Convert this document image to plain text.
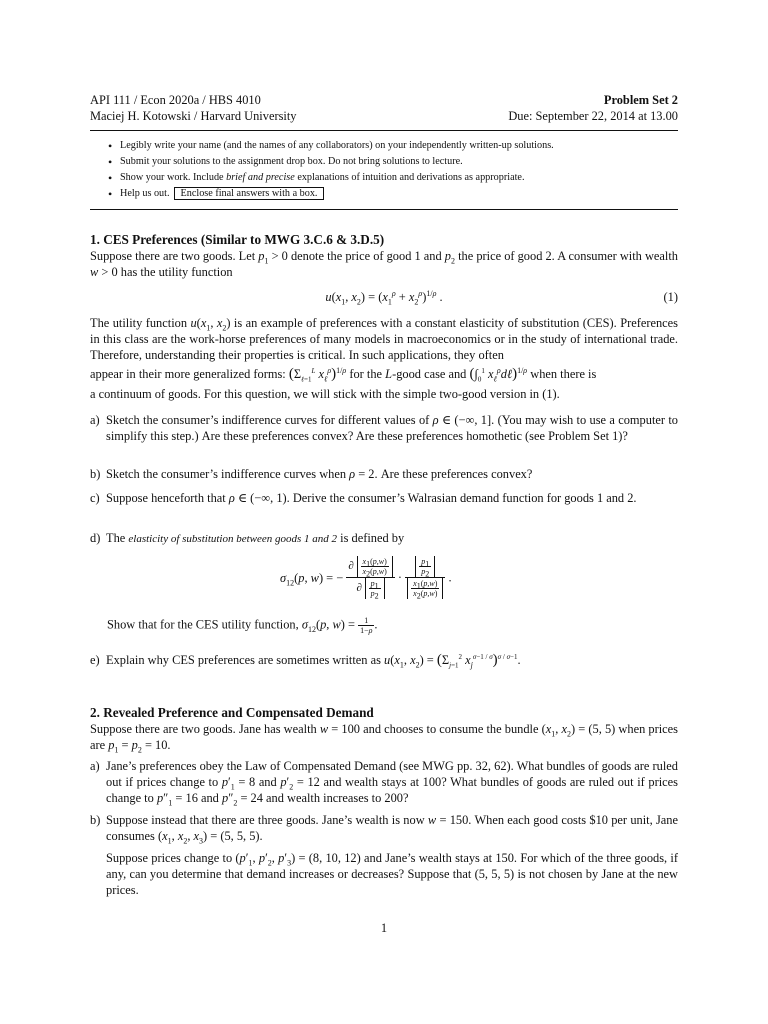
API 111 / Econ 2020a / HBS 4010	Problem Set 2
Maciej H. Kotowski / Harvard University	Due: September 22, 2014 at 13.00
• Legibly write your name (and the names of any collaborators) on your independently written-up solutions.
• Submit your solutions to the assignment drop box. Do not bring solutions to lecture.
• Show your work. Include brief and precise explanations of intuition and derivations as appropriate.
• Help us out. Enclose final answers with a box.
1. CES Preferences (Similar to MWG 3.C.6 & 3.D.5)
Suppose there are two goods. Let $p_1 > 0$ denote the price of good 1 and $p_2$ the price of good 2. A consumer with wealth w > 0 has the utility function
$u(x_1$, $x_2) = (x_1^\rho + x_2^\rho)^{1/\rho}$ .	(1)
The utility function $u(x_1$, $x_2$) is an example of preferences with a constant elasticity of substitution (CES). Preferences in this class are the work-horse preferences of many models in macroeconomics or in the study of international trade. Therefore, understanding their properties is critical. In such applications, they often
appear in their more generalized forms: ($\Sigma_{\ell=1}^L$ $x_\ell^\rho)^{1/\rho}$ for the L-good case and ($\int_0^1$ $x_\ell^\rho d\ell)^{1/\rho}$ when there is
a continuum of goods. For this question, we will stick with the simple two-good version in (1).
a) Sketch the consumer’s indifference curves for different values of ρ ∈ (−∞, 1]. (You may wish to use a computer to simplify this step.) Are these preferences convex? Are these preferences homothetic (see Problem Set 1)?
b) Sketch the consumer’s indifference curves when ρ = 2. Are these preferences convex?
c) Suppose henceforth that ρ ∈ (−∞, 1). Derive the consumer’s Walrasian demand function for goods 1 and 2.
d) The elasticity of substitution between goods 1 and 2 is defined by
$\sigma_{12}(p$, w) = − $\frac{\partial \frac{x_1(p,w)}{x_2(p,w)}}{\partial \frac{p_1}{p_2}} \cdot \frac{\frac{p_1}{p_2}}{\frac{x_1(p,w)}{x_2(p,w)}}$ .
Show that for the CES utility function, $\sigma_{12}(p$, $w) = \frac{1}{1-\rho}$ .
e) Explain why CES preferences are sometimes written as $u(x_1$, $x_2) = (\Sigma_{j=1}^2$ $x_j^{\sigma-1 / \sigma})^{\sigma / \sigma-1}$.
2. Revealed Preference and Compensated Demand
Suppose there are two goods. Jane has wealth w = 100 and chooses to consume the bundle ($x_1$, $x_2) = (5$, 5) when prices are $p_1 = p_2 = 10$.
a) Jane’s preferences obey the Law of Compensated Demand (see MWG pp. 32, 62). What bundles of goods are ruled out if prices change to $p'_1 = 8$ and $p'_2 = 12$ and wealth stays at 100? What bundles of goods are ruled out if prices change to $p''_1 = 16$ and $p''_2 = 24$ and wealth increases to 200?
b) Suppose instead that there are three goods. Jane’s wealth is now w = 150. When each good costs $10 per unit, Jane consumes ($x_1$, $x_2$, $x_3) = (5$, 5, 5).
Suppose prices change to ($p'_1$, $p'_2$, $p'_3) = (8$, 10, 12) and Jane’s wealth stays at 150. For which of the three goods, if any, can you determine that demand increases or decreases? Suppose that (5, 5, 5) is not chosen by Jane at the new prices.
1
